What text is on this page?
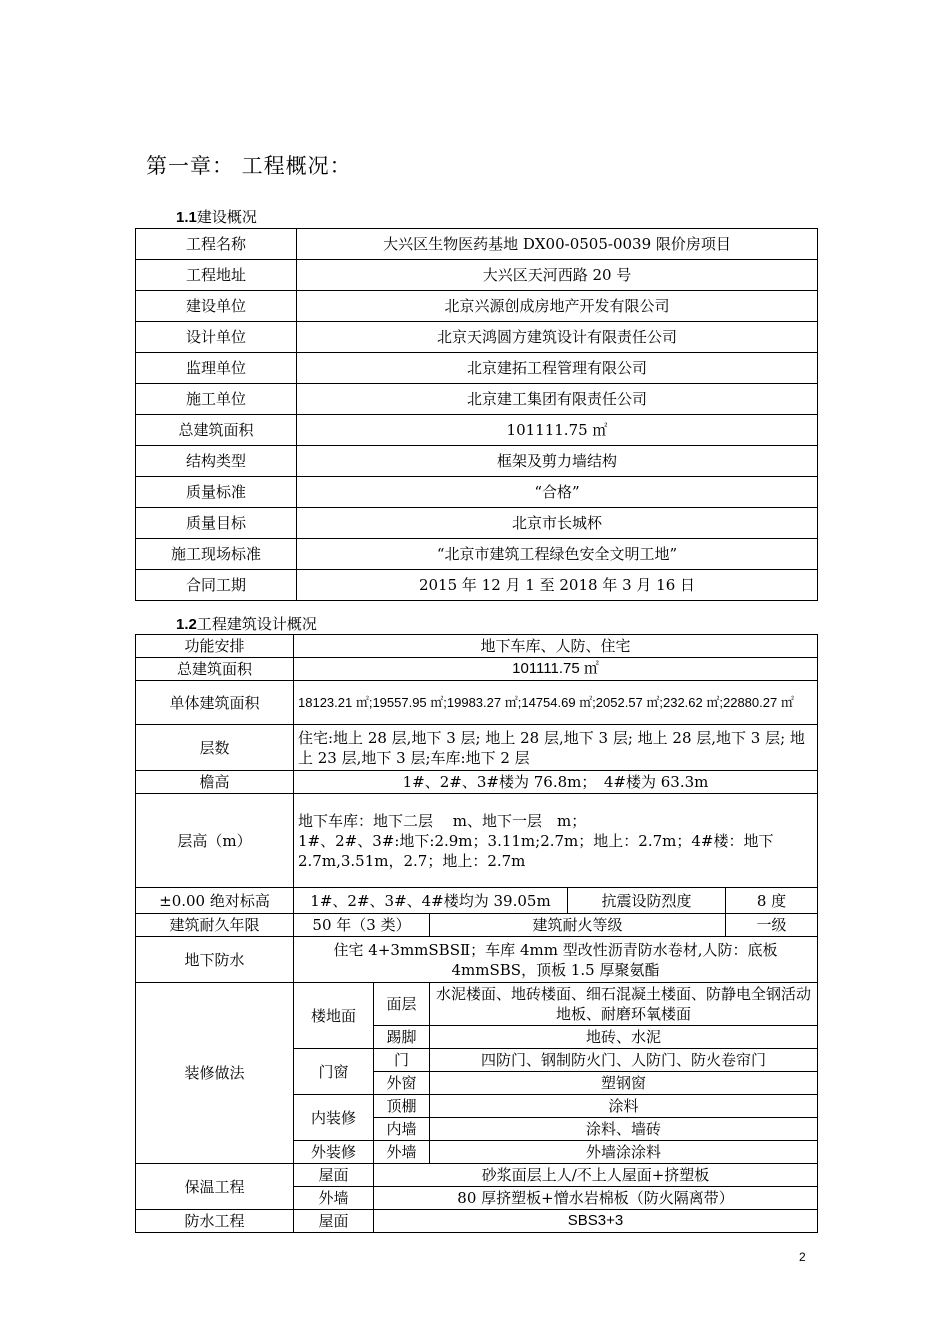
第一章： 工程概况：
1.1建设概况
工程名称	大兴区生物医药基地 DX00-0505-0039 限价房项目
工程地址	大兴区天河西路 20 号
建设单位	北京兴源创成房地产开发有限公司
设计单位	北京天鸿圆方建筑设计有限责任公司
监理单位	北京建拓工程管理有限公司
施工单位	北京建工集团有限责任公司
总建筑面积	101111.75 ㎡
结构类型	框架及剪力墙结构
质量标准	“合格”
质量目标	北京市长城杯
施工现场标准	“北京市建筑工程绿色安全文明工地”
合同工期	2015 年 12 月 1 至 2018 年 3 月 16 日
1.2工程建筑设计概况
功能安排	地下车库、人防、住宅				
总建筑面积	101111.75 ㎡				
单体建筑面积	18123.21 ㎡;19557.95 ㎡;19983.27 ㎡;14754.69 ㎡;2052.57 ㎡;232.62 ㎡;22880.27 ㎡				
层数	住宅:地上 28 层,地下 3 层; 地上 28 层,地下 3 层; 地上 28 层,地下 3 层; 地上 23 层,地下 3 层;车库:地下 2 层				
檐高	1#、2#、3#楼为 76.8m；　4#楼为 63.3m				
层高（m）	地下车库：地下二层　 m、地下一层　m；
1#、2#、3#:地下:2.9m；3.11m;2.7m；地上：2.7m；4#楼：地下 2.7m,3.51m，2.7；地上：2.7m				

±0.00 绝对标高	1#、2#、3#、4#楼均为 39.05m			抗震设防烈度	8 度
建筑耐久年限	50 年（3 类）		建筑耐火等级		一级
地下防水	住宅 4+3mmSBSⅡ；车库 4mm 型改性沥青防水卷材,人防：底板 4mmSBS，顶板 1.5 厚聚氨酯				
装修做法	楼地面	面层	水泥楼面、地砖楼面、细石混凝土楼面、防静电全钢活动地板、耐磨环氧楼面		
		踢脚	地砖、水泥		
	门窗	门	四防门、钢制防火门、人防门、防火卷帘门		
		外窗	塑钢窗		
	内装修	顶棚	涂料		
		内墙	涂料、墙砖		
	外装修	外墙	外墙涂涂料		
保温工程	屋面	砂浆面层上人/不上人屋面+挤塑板			
	外墙	80 厚挤塑板+憎水岩棉板（防火隔离带）			
防水工程	屋面	SBS3+3			
2
